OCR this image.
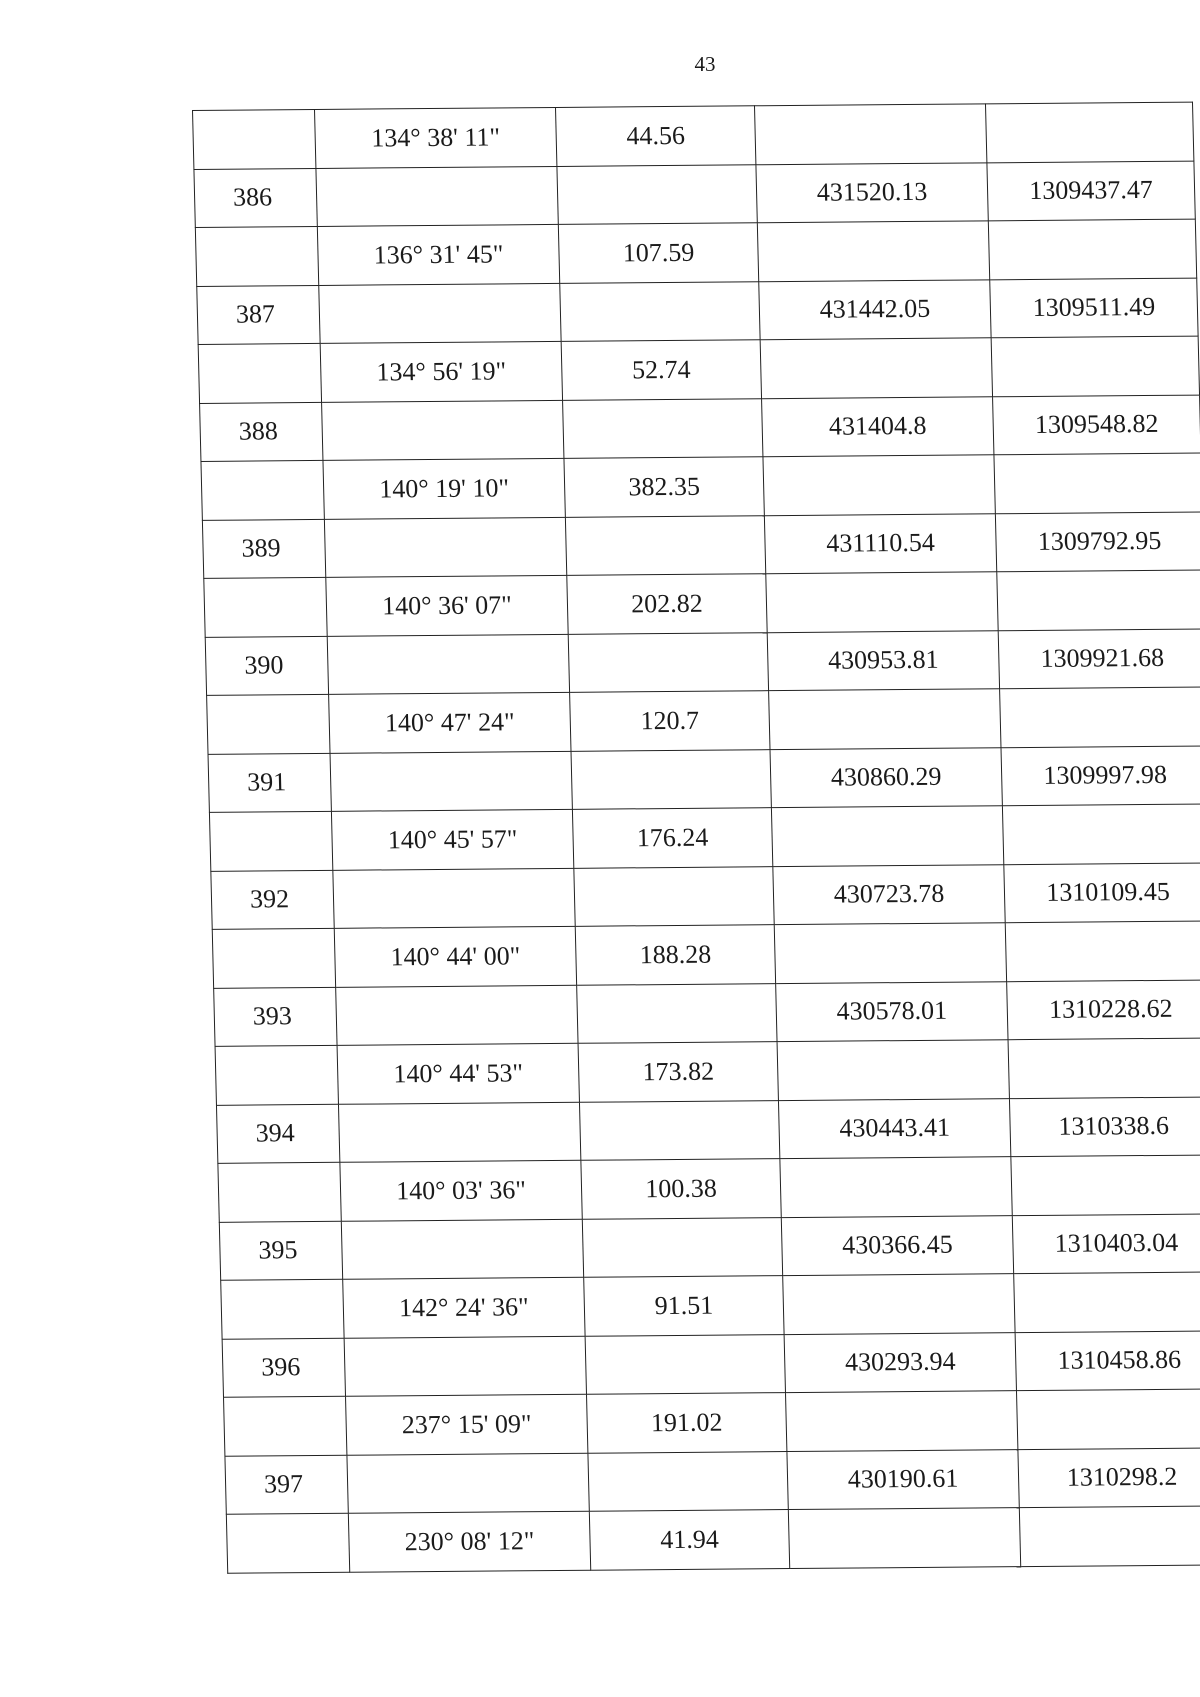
43
	134° 38' 11"	44.56		
386			431520.13	1309437.47
	136° 31' 45"	107.59		
387			431442.05	1309511.49
	134° 56' 19"	52.74		
388			431404.8	1309548.82
	140° 19' 10"	382.35		
389			431110.54	1309792.95
	140° 36' 07"	202.82		
390			430953.81	1309921.68
	140° 47' 24"	120.7		
391			430860.29	1309997.98
	140° 45' 57"	176.24		
392			430723.78	1310109.45
	140° 44' 00"	188.28		
393			430578.01	1310228.62
	140° 44' 53"	173.82		
394			430443.41	1310338.6
	140° 03' 36"	100.38		
395			430366.45	1310403.04
	142° 24' 36"	91.51		
396			430293.94	1310458.86
	237° 15' 09"	191.02		
397			430190.61	1310298.2
	230° 08' 12"	41.94		
